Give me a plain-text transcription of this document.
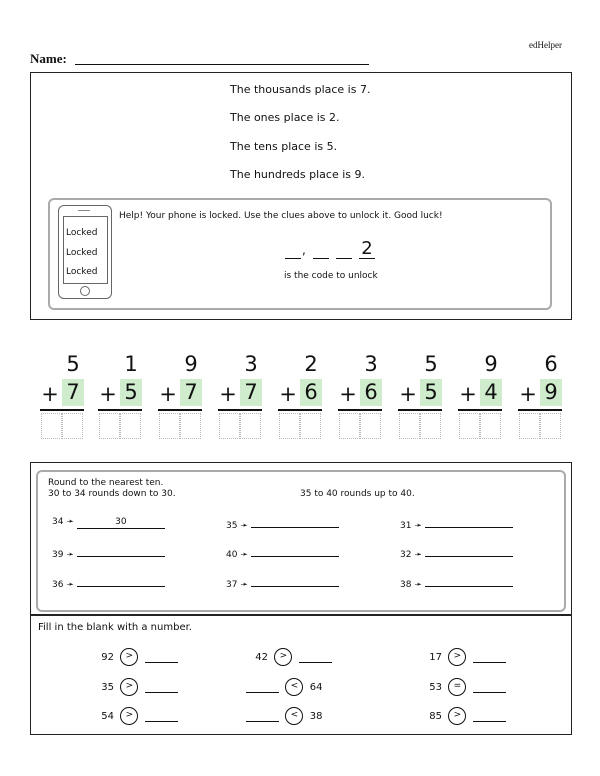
edHelper
Name:
The thousands place is 7.
The ones place is 2.
The tens place is 5.
The hundreds place is 9.
Locked
Locked
Locked
Help! Your phone is locked. Use the clues above to unlock it. Good luck!
,	2
is the code to unlock
5
+ 7
1
+ 5
9
+ 7
3
+ 7
2
+ 6
3
+ 6
5
+ 5
9
+ 4
6
+ 9
Round to the nearest ten.
30 to 34 rounds down to 30.	35 to 40 rounds up to 40.
34 ➛	30	35 ➛	31 ➛
39 ➛	40 ➛	32 ➛
36 ➛	37 ➛	38 ➛
Fill in the blank with a number.
92 >	42 >	17 >
35 >	< 64	53 =
54 >	< 38	85 >
